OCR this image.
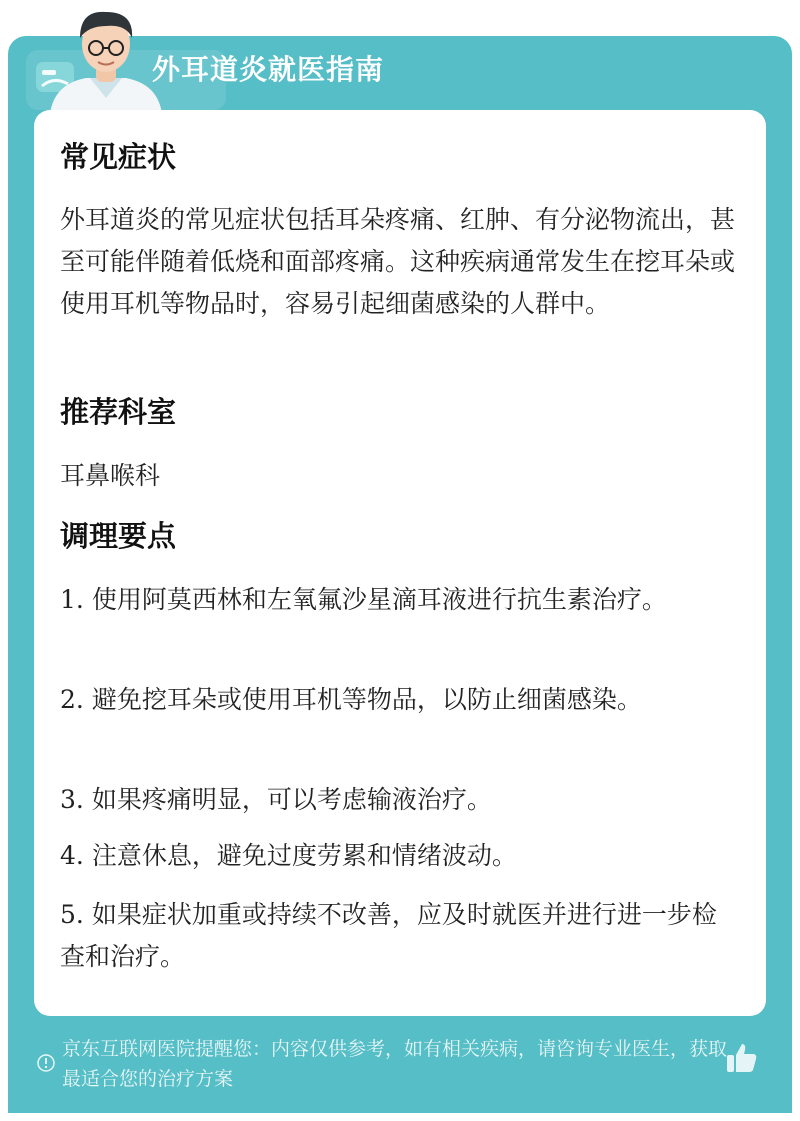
外耳道炎就医指南
常见症状
外耳道炎的常见症状包括耳朵疼痛、红肿、有分泌物流出，甚至可能伴随着低烧和面部疼痛。这种疾病通常发生在挖耳朵或使用耳机等物品时，容易引起细菌感染的人群中。
推荐科室
耳鼻喉科
调理要点
1. 使用阿莫西林和左氧氟沙星滴耳液进行抗生素治疗。
2. 避免挖耳朵或使用耳机等物品，以防止细菌感染。
3. 如果疼痛明显，可以考虑输液治疗。
4. 注意休息，避免过度劳累和情绪波动。
5. 如果症状加重或持续不改善，应及时就医并进行进一步检查和治疗。
京东互联网医院提醒您：内容仅供参考，如有相关疾病，请咨询专业医生，获取最适合您的治疗方案
